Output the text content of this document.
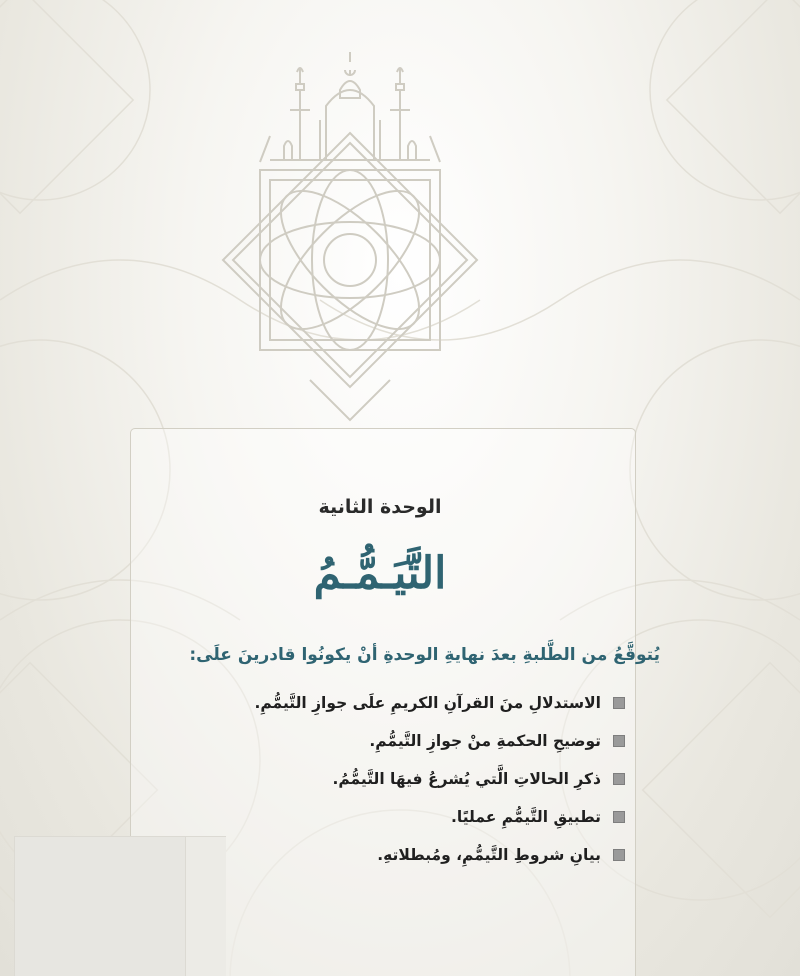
الوحدة الثانية
التَّيَـمُّـمُ
يُتوقَّعُ من الطَّلبةِ بعدَ نهايةِ الوحدةِ أنْ يكونُوا قادرينَ علَى:
الاستدلالِ منَ القرآنِ الكريمِ علَى جوازِ التَّيمُّمِ.
توضيحِ الحكمةِ منْ جوازِ التَّيمُّمِ.
ذكرِ الحالاتِ الَّتي يُشرعُ فيهَا التَّيمُّمُ.
تطبيقِ التَّيمُّمِ عمليًا.
بيانِ شروطِ التَّيمُّمِ، ومُبطلاتهِ.
